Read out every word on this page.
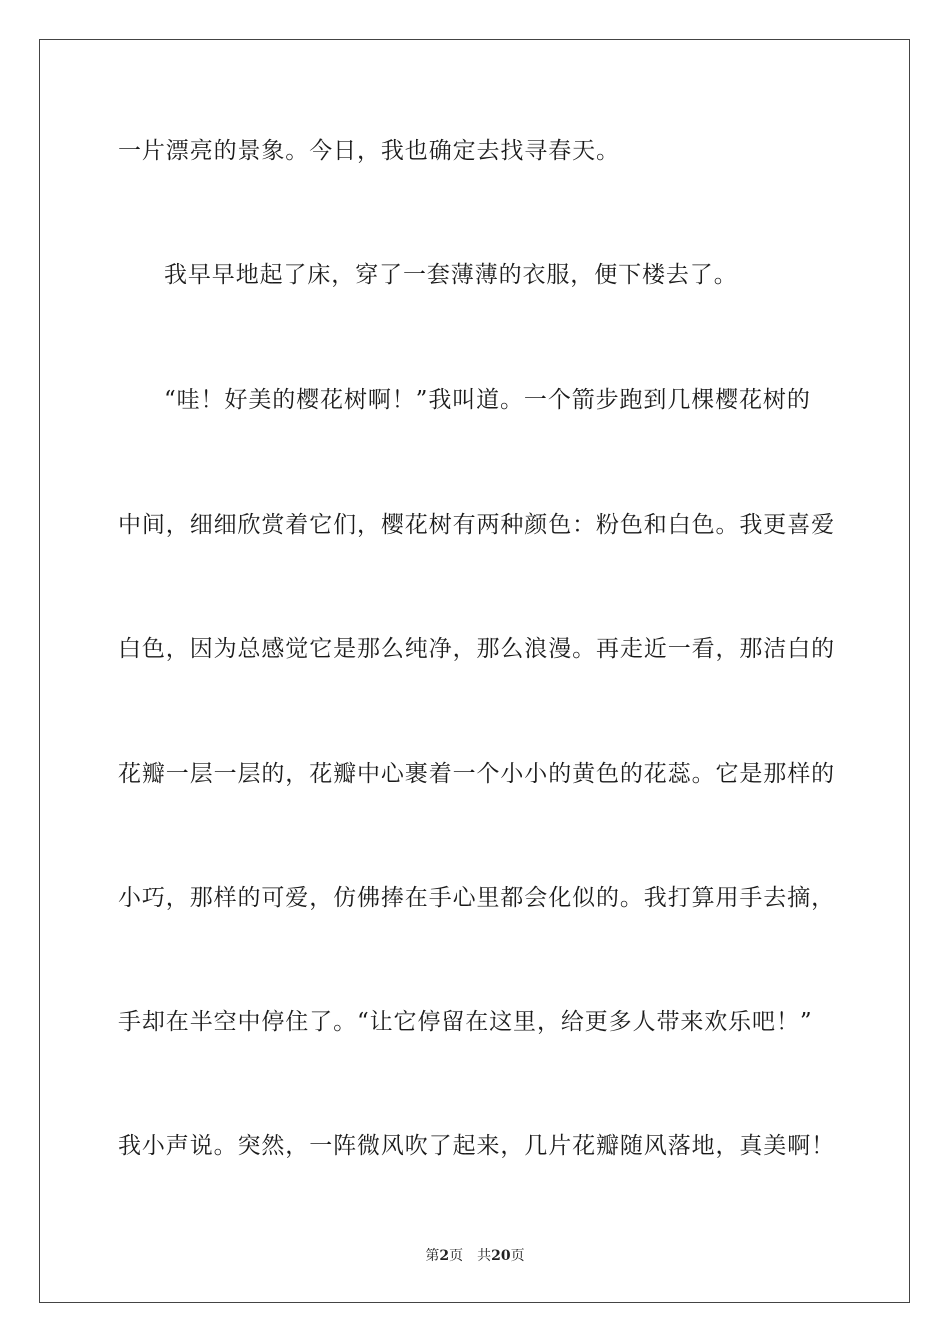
一片漂亮的景象。今日，我也确定去找寻春天。
我早早地起了床，穿了一套薄薄的衣服，便下楼去了。
“哇！好美的樱花树啊！”我叫道。一个箭步跑到几棵樱花树的
中间，细细欣赏着它们，樱花树有两种颜色：粉色和白色。我更喜爱
白色，因为总感觉它是那么纯净，那么浪漫。再走近一看，那洁白的
花瓣一层一层的，花瓣中心裹着一个小小的黄色的花蕊。它是那样的
小巧，那样的可爱，仿佛捧在手心里都会化似的。我打算用手去摘，
手却在半空中停住了。“让它停留在这里，给更多人带来欢乐吧！”
我小声说。突然，一阵微风吹了起来，几片花瓣随风落地，真美啊！
第2页 共20页
